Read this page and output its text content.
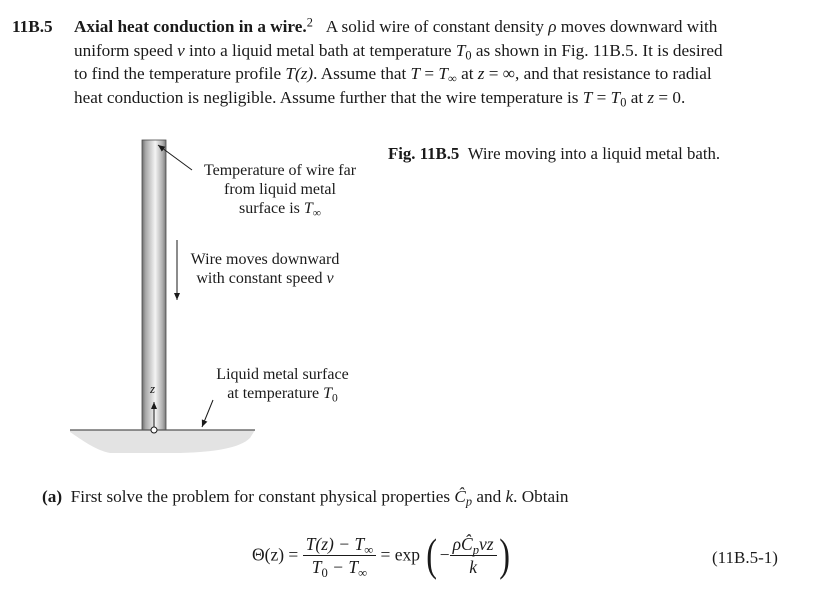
11B.5 Axial heat conduction in a wire.$^2$ A solid wire of constant density ρ moves downward with
uniform speed v into a liquid metal bath at temperature $T_0$ as shown in Fig. 11B.5. It is desired
to find the temperature profile T(z). Assume that $T = T_\infty$ at z = ∞, and that resistance to radial
heat conduction is negligible. Assume further that the wire temperature is $T = T_0$ at z = 0.
Temperature of wire far
from liquid metal
surface is $T_\infty$
Wire moves downward
with constant speed v
Liquid metal surface
at temperature $T_0$
z
Fig. 11B.5 Wire moving into a liquid metal bath.
(a) First solve the problem for constant physical properties $Ĉ_p$ and k. Obtain
$\Theta(z) = \frac{T(z) - T_\infty}{T_0 - T_\infty} = \exp$ ( − $\frac{\rho Ĉ_pvz}{k}$ )	(11B.5-1)
